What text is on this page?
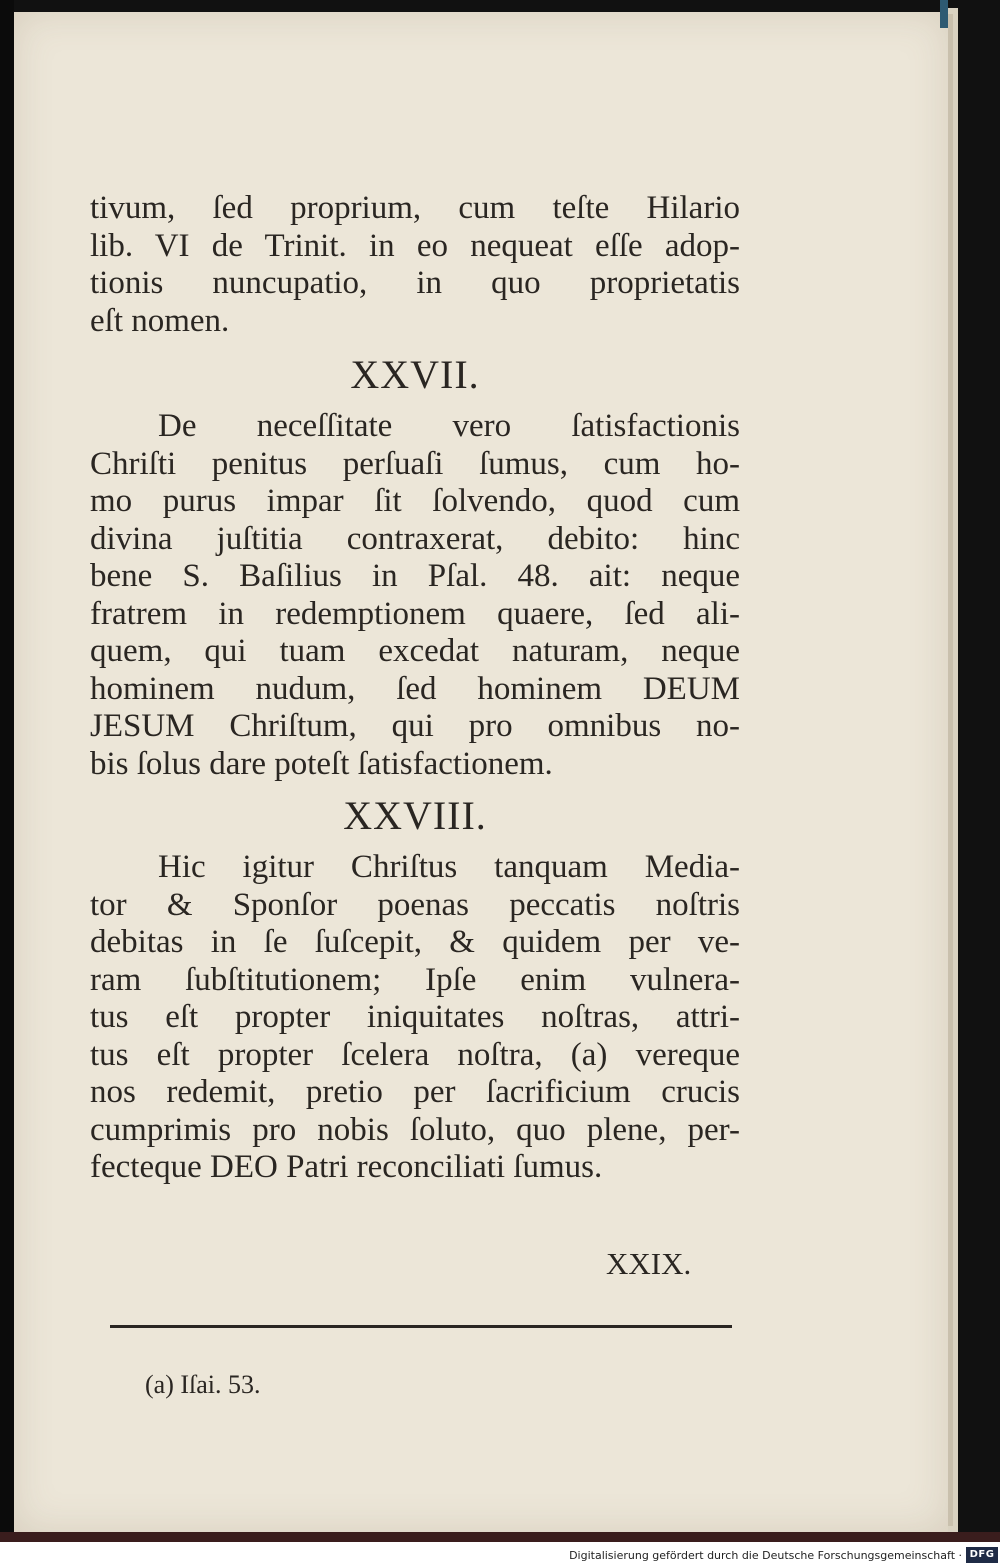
tivum, ſed proprium, cum teſte Hilario
lib. VI de Trinit. in eo nequeat eſſe adop-
tionis nuncupatio, in quo proprietatis
eſt nomen.
XXVII.
De neceſſitate vero ſatisfactionis
Chriſti penitus perſuaſi ſumus, cum ho-
mo purus impar ſit ſolvendo, quod cum
divina juſtitia contraxerat, debito: hinc
bene S. Baſilius in Pſal. 48. ait: neque
fratrem in redemptionem quaere, ſed ali-
quem, qui tuam excedat naturam, neque
hominem nudum, ſed hominem DEUM
JESUM Chriſtum, qui pro omnibus no-
bis ſolus dare poteſt ſatisfactionem.
XXVIII.
Hic igitur Chriſtus tanquam Media-
tor & Sponſor poenas peccatis noſtris
debitas in ſe ſuſcepit, & quidem per ve-
ram ſubſtitutionem; Ipſe enim vulnera-
tus eſt propter iniquitates noſtras, attri-
tus eſt propter ſcelera noſtra, (a) vereque
nos redemit, pretio per ſacrificium crucis
cumprimis pro nobis ſoluto, quo plene, per-
fecteque DEO Patri reconciliati ſumus.
XXIX.
(a) Iſai. 53.
Digitalisierung gefördert durch die Deutsche Forschungsgemeinschaft · DFG
